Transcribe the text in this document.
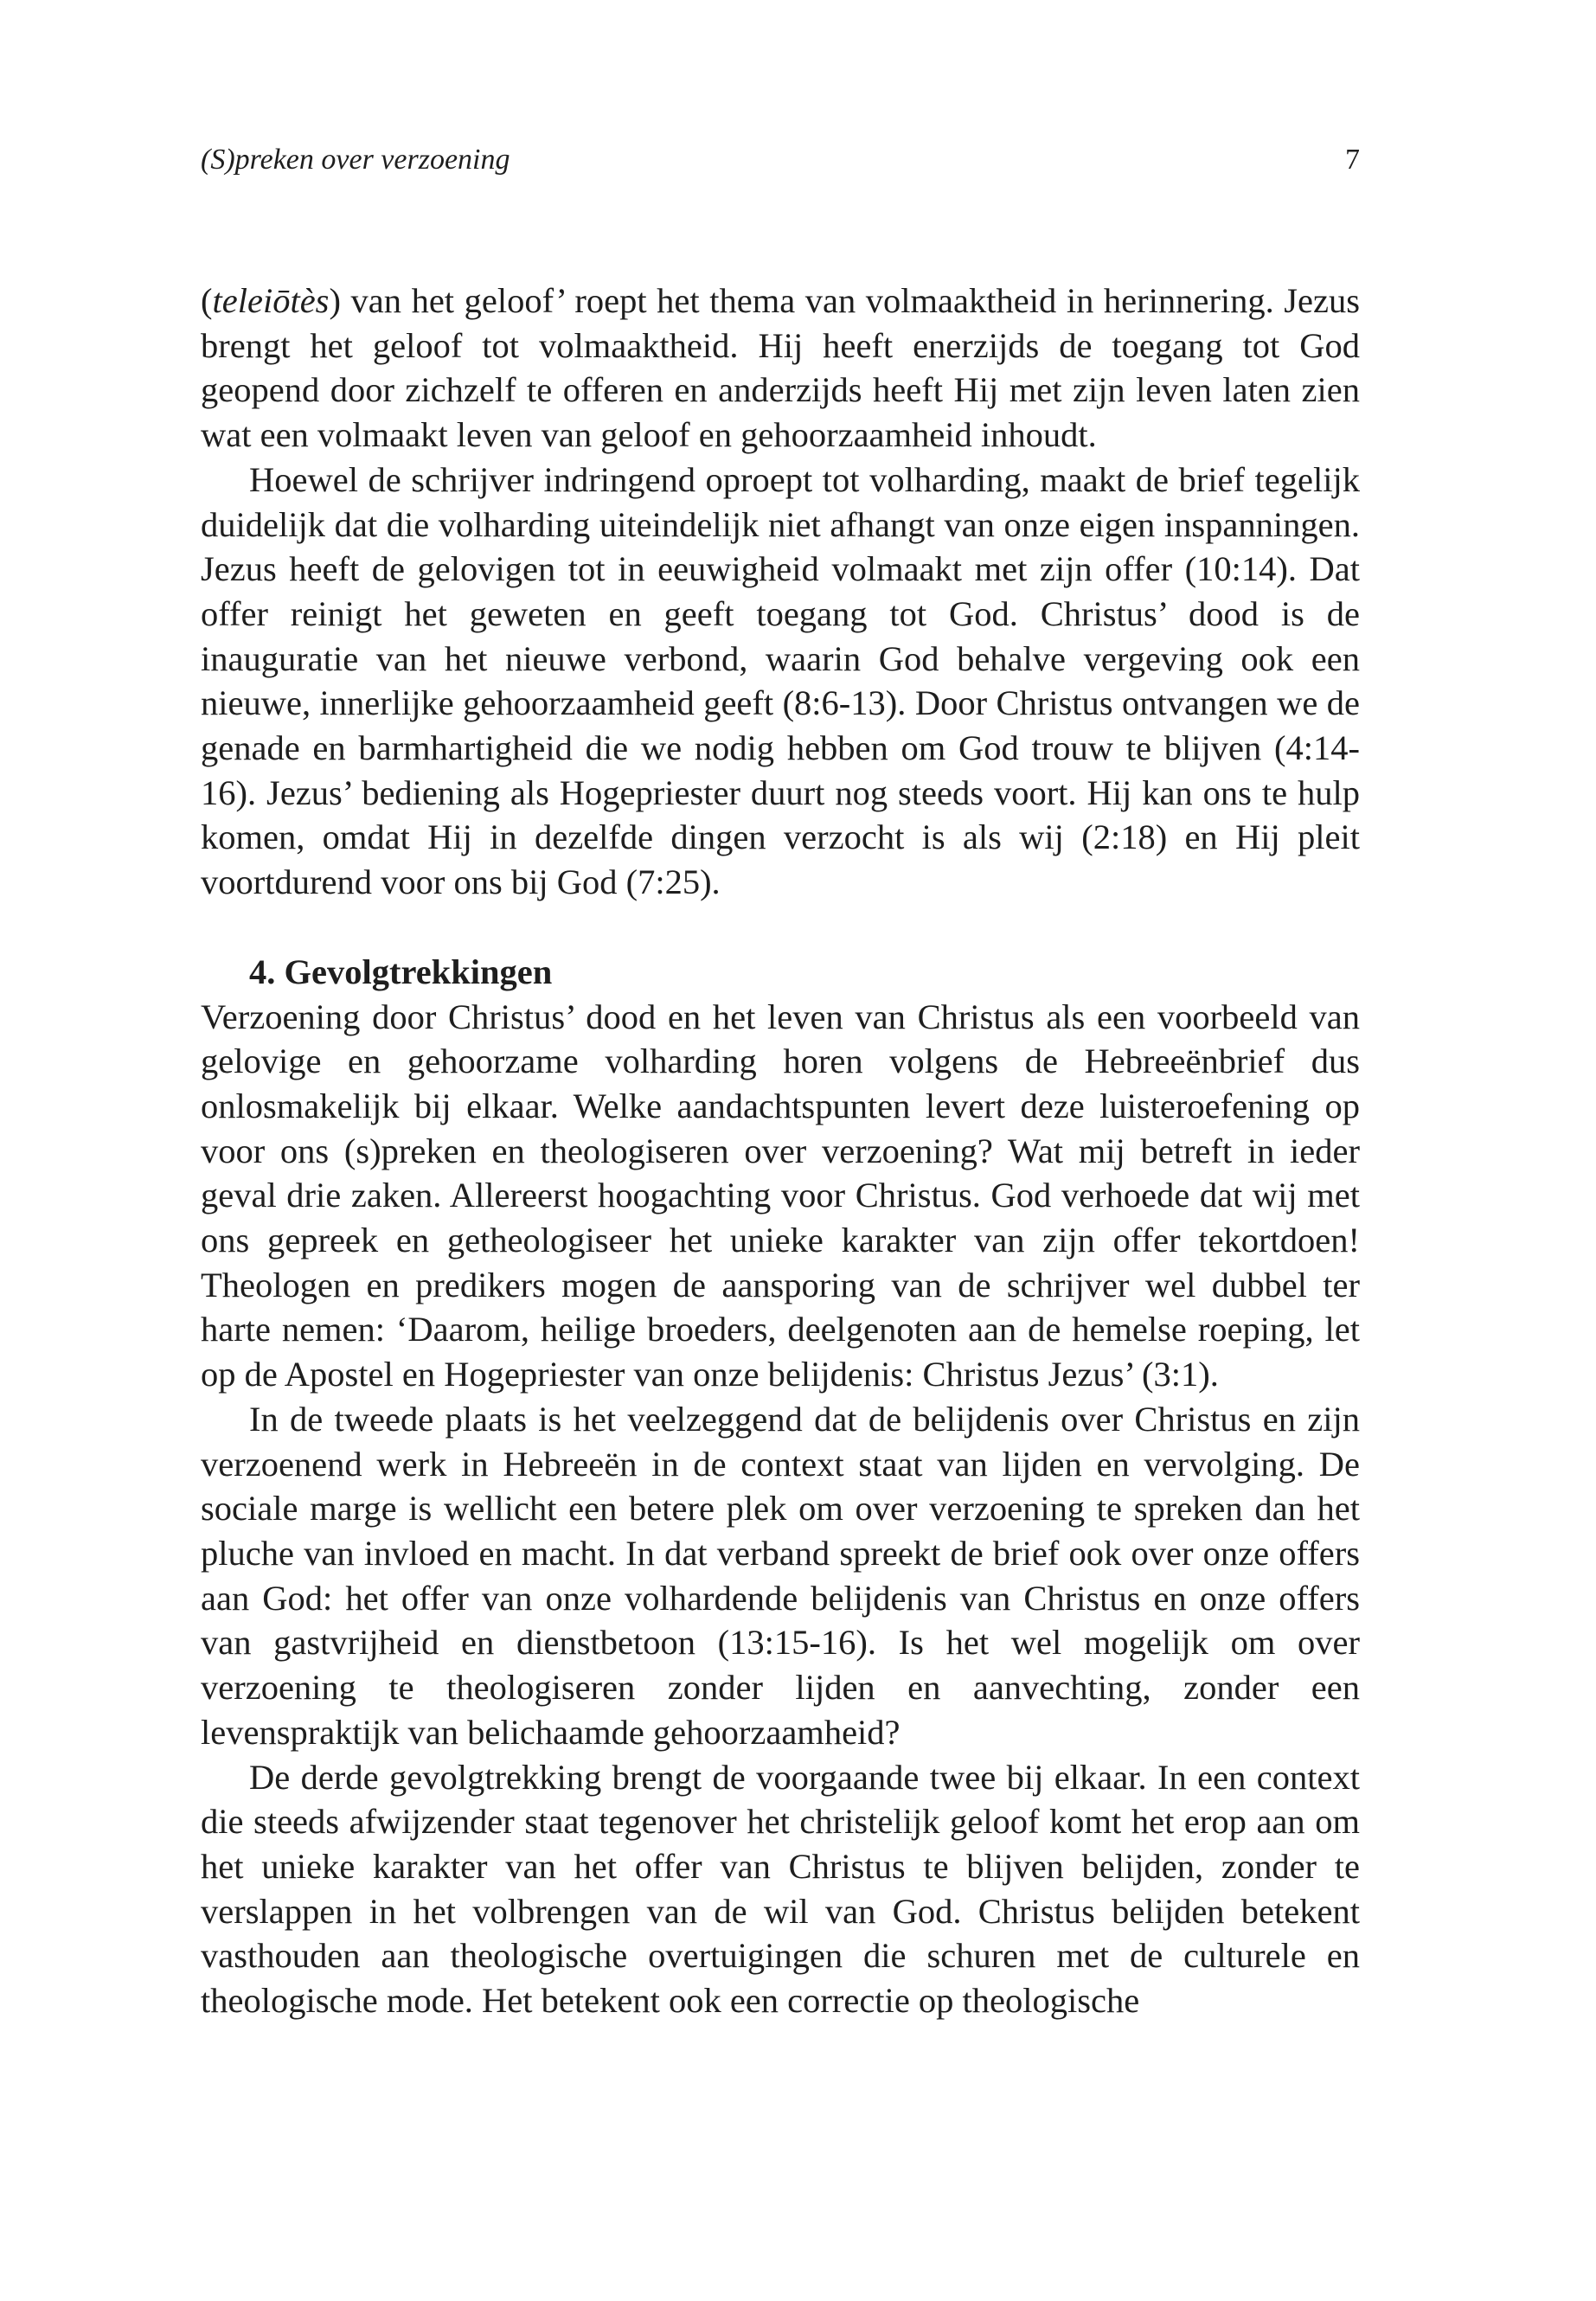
(S)preken over verzoening	7

(teleiōtès) van het geloof’ roept het thema van volmaaktheid in herinnering. Jezus brengt het geloof tot volmaaktheid. Hij heeft enerzijds de toegang tot God geopend door zichzelf te offeren en anderzijds heeft Hij met zijn leven laten zien wat een volmaakt leven van geloof en gehoorzaamheid inhoudt.

Hoewel de schrijver indringend oproept tot volharding, maakt de brief tegelijk duidelijk dat die volharding uiteindelijk niet afhangt van onze eigen inspanningen. Jezus heeft de gelovigen tot in eeuwigheid volmaakt met zijn offer (10:14). Dat offer reinigt het geweten en geeft toegang tot God. Christus’ dood is de inauguratie van het nieuwe verbond, waarin God behalve vergeving ook een nieuwe, innerlijke gehoorzaamheid geeft (8:6-13). Door Christus ontvangen we de genade en barmhartigheid die we nodig hebben om God trouw te blijven (4:14-16). Jezus’ bediening als Hogepriester duurt nog steeds voort. Hij kan ons te hulp komen, omdat Hij in dezelfde dingen verzocht is als wij (2:18) en Hij pleit voortdurend voor ons bij God (7:25).

4. Gevolgtrekkingen

Verzoening door Christus’ dood en het leven van Christus als een voorbeeld van gelovige en gehoorzame volharding horen volgens de Hebreeënbrief dus onlosmakelijk bij elkaar. Welke aandachtspunten levert deze luisteroefening op voor ons (s)preken en theologiseren over verzoening? Wat mij betreft in ieder geval drie zaken. Allereerst hoogachting voor Christus. God verhoede dat wij met ons gepreek en getheologiseer het unieke karakter van zijn offer tekortdoen! Theologen en predikers mogen de aansporing van de schrijver wel dubbel ter harte nemen: ‘Daarom, heilige broeders, deelgenoten aan de hemelse roeping, let op de Apostel en Hogepriester van onze belijdenis: Christus Jezus’ (3:1).

In de tweede plaats is het veelzeggend dat de belijdenis over Christus en zijn verzoenend werk in Hebreeën in de context staat van lijden en vervolging. De sociale marge is wellicht een betere plek om over verzoening te spreken dan het pluche van invloed en macht. In dat verband spreekt de brief ook over onze offers aan God: het offer van onze volhardende belijdenis van Christus en onze offers van gastvrijheid en dienstbetoon (13:15-16). Is het wel mogelijk om over verzoening te theologiseren zonder lijden en aanvechting, zonder een levenspraktijk van belichaamde gehoorzaamheid?

De derde gevolgtrekking brengt de voorgaande twee bij elkaar. In een context die steeds afwijzender staat tegenover het christelijk geloof komt het erop aan om het unieke karakter van het offer van Christus te blijven belijden, zonder te verslappen in het volbrengen van de wil van God. Christus belijden betekent vasthouden aan theologische overtuigingen die schuren met de culturele en theologische mode. Het betekent ook een correctie op theologische
